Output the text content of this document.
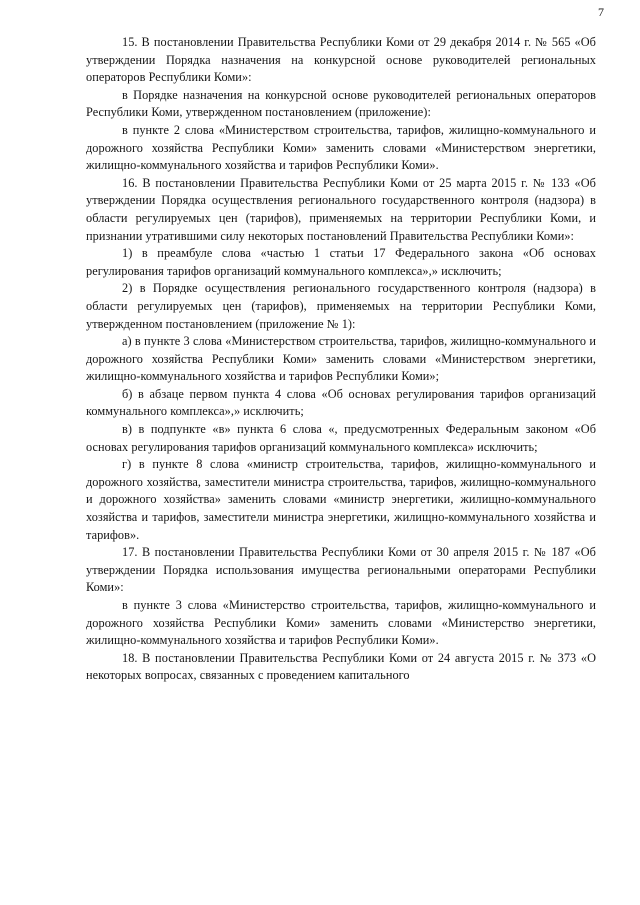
7

15. В постановлении Правительства Республики Коми от 29 декабря 2014 г. № 565 «Об утверждении Порядка назначения на конкурсной основе руководителей региональных операторов Республики Коми»:

в Порядке назначения на конкурсной основе руководителей региональных операторов Республики Коми, утвержденном постановлением (приложение):

в пункте 2 слова «Министерством строительства, тарифов, жилищно-коммунального и дорожного хозяйства Республики Коми» заменить словами «Министерством энергетики, жилищно-коммунального хозяйства и тарифов Республики Коми».

16. В постановлении Правительства Республики Коми от 25 марта 2015 г. № 133 «Об утверждении Порядка осуществления регионального государственного контроля (надзора) в области регулируемых цен (тарифов), применяемых на территории Республики Коми, и признании утратившими силу некоторых постановлений Правительства Республики Коми»:

1) в преамбуле слова «частью 1 статьи 17 Федерального закона «Об основах регулирования тарифов организаций коммунального комплекса»,» исключить;

2) в Порядке осуществления регионального государственного контроля (надзора) в области регулируемых цен (тарифов), применяемых на территории Республики Коми, утвержденном постановлением (приложение № 1):

а) в пункте 3 слова «Министерством строительства, тарифов, жилищно-коммунального и дорожного хозяйства Республики Коми» заменить словами «Министерством энергетики, жилищно-коммунального хозяйства и тарифов Республики Коми»;

б) в абзаце первом пункта 4 слова «Об основах регулирования тарифов организаций коммунального комплекса»,» исключить;

в) в подпункте «в» пункта 6 слова «, предусмотренных Федеральным законом «Об основах регулирования тарифов организаций коммунального комплекса» исключить;

г) в пункте 8 слова «министр строительства, тарифов, жилищно-коммунального и дорожного хозяйства, заместители министра строительства, тарифов, жилищно-коммунального и дорожного хозяйства» заменить словами «министр энергетики, жилищно-коммунального хозяйства и тарифов, заместители министра энергетики, жилищно-коммунального хозяйства и тарифов».

17. В постановлении Правительства Республики Коми от 30 апреля 2015 г. № 187 «Об утверждении Порядка использования имущества региональными операторами Республики Коми»:

в пункте 3 слова «Министерство строительства, тарифов, жилищно-коммунального и дорожного хозяйства Республики Коми» заменить словами «Министерство энергетики, жилищно-коммунального хозяйства и тарифов Республики Коми».

18. В постановлении Правительства Республики Коми от 24 августа 2015 г. № 373 «О некоторых вопросах, связанных с проведением капитального
